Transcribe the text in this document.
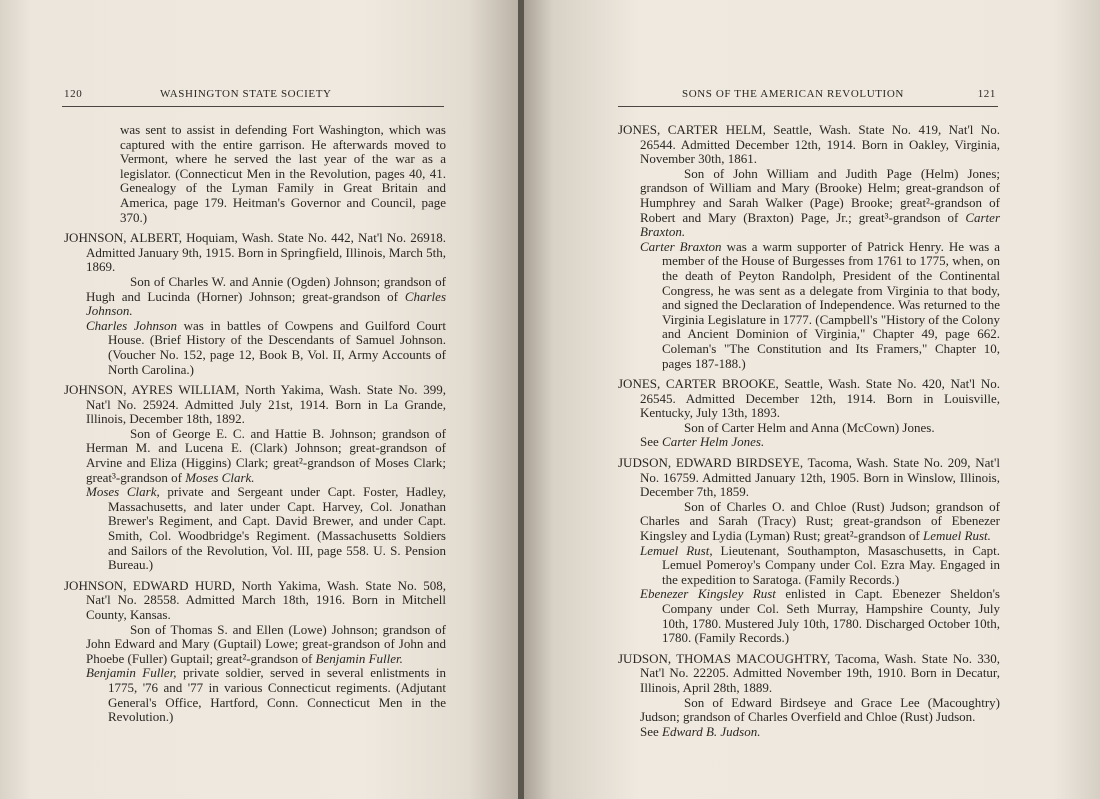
120	WASHINGTON STATE SOCIETY

was sent to assist in defending Fort Washington, which was captured with the entire garrison. He afterwards moved to Vermont, where he served the last year of the war as a legislator. (Connecticut Men in the Revolution, pages 40, 41. Genealogy of the Lyman Family in Great Britain and America, page 179. Heitman's Governor and Council, page 370.)

JOHNSON, ALBERT, Hoquiam, Wash. State No. 442, Nat'l No. 26918. Admitted January 9th, 1915. Born in Springfield, Illinois, March 5th, 1869.

Son of Charles W. and Annie (Ogden) Johnson; grandson of Hugh and Lucinda (Horner) Johnson; great-grandson of Charles Johnson.

Charles Johnson was in battles of Cowpens and Guilford Court House. (Brief History of the Descendants of Samuel Johnson. (Voucher No. 152, page 12, Book B, Vol. II, Army Accounts of North Carolina.)

JOHNSON, AYRES WILLIAM, North Yakima, Wash. State No. 399, Nat'l No. 25924. Admitted July 21st, 1914. Born in La Grande, Illinois, December 18th, 1892.

Son of George E. C. and Hattie B. Johnson; grandson of Herman M. and Lucena E. (Clark) Johnson; great-grandson of Arvine and Eliza (Higgins) Clark; great²-grandson of Moses Clark; great³-grandson of Moses Clark.

Moses Clark, private and Sergeant under Capt. Foster, Hadley, Massachusetts, and later under Capt. Harvey, Col. Jonathan Brewer's Regiment, and Capt. David Brewer, and under Capt. Smith, Col. Woodbridge's Regiment. (Massachusetts Soldiers and Sailors of the Revolution, Vol. III, page 558. U. S. Pension Bureau.)

JOHNSON, EDWARD HURD, North Yakima, Wash. State No. 508, Nat'l No. 28558. Admitted March 18th, 1916. Born in Mitchell County, Kansas.

Son of Thomas S. and Ellen (Lowe) Johnson; grandson of John Edward and Mary (Guptail) Lowe; great-grandson of John and Phoebe (Fuller) Guptail; great²-grandson of Benjamin Fuller.

Benjamin Fuller, private soldier, served in several enlistments in 1775, '76 and '77 in various Connecticut regiments. (Adjutant General's Office, Hartford, Conn. Connecticut Men in the Revolution.)

SONS OF THE AMERICAN REVOLUTION	121

JONES, CARTER HELM, Seattle, Wash. State No. 419, Nat'l No. 26544. Admitted December 12th, 1914. Born in Oakley, Virginia, November 30th, 1861.

Son of John William and Judith Page (Helm) Jones; grandson of William and Mary (Brooke) Helm; great-grandson of Humphrey and Sarah Walker (Page) Brooke; great²-grandson of Robert and Mary (Braxton) Page, Jr.; great³-grandson of Carter Braxton.

Carter Braxton was a warm supporter of Patrick Henry. He was a member of the House of Burgesses from 1761 to 1775, when, on the death of Peyton Randolph, President of the Continental Congress, he was sent as a delegate from Virginia to that body, and signed the Declaration of Independence. Was returned to the Virginia Legislature in 1777. (Campbell's "History of the Colony and Ancient Dominion of Virginia," Chapter 49, page 662. Coleman's "The Constitution and Its Framers," Chapter 10, pages 187-188.)

JONES, CARTER BROOKE, Seattle, Wash. State No. 420, Nat'l No. 26545. Admitted December 12th, 1914. Born in Louisville, Kentucky, July 13th, 1893.

Son of Carter Helm and Anna (McCown) Jones.

See Carter Helm Jones.

JUDSON, EDWARD BIRDSEYE, Tacoma, Wash. State No. 209, Nat'l No. 16759. Admitted January 12th, 1905. Born in Winslow, Illinois, December 7th, 1859.

Son of Charles O. and Chloe (Rust) Judson; grandson of Charles and Sarah (Tracy) Rust; great-grandson of Ebenezer Kingsley and Lydia (Lyman) Rust; great²-grandson of Lemuel Rust.

Lemuel Rust, Lieutenant, Southampton, Masaschusetts, in Capt. Lemuel Pomeroy's Company under Col. Ezra May. Engaged in the expedition to Saratoga. (Family Records.)

Ebenezer Kingsley Rust enlisted in Capt. Ebenezer Sheldon's Company under Col. Seth Murray, Hampshire County, July 10th, 1780. Mustered July 10th, 1780. Discharged October 10th, 1780. (Family Records.)

JUDSON, THOMAS MACOUGHTRY, Tacoma, Wash. State No. 330, Nat'l No. 22205. Admitted November 19th, 1910. Born in Decatur, Illinois, April 28th, 1889.

Son of Edward Birdseye and Grace Lee (Macoughtry) Judson; grandson of Charles Overfield and Chloe (Rust) Judson.

See Edward B. Judson.
